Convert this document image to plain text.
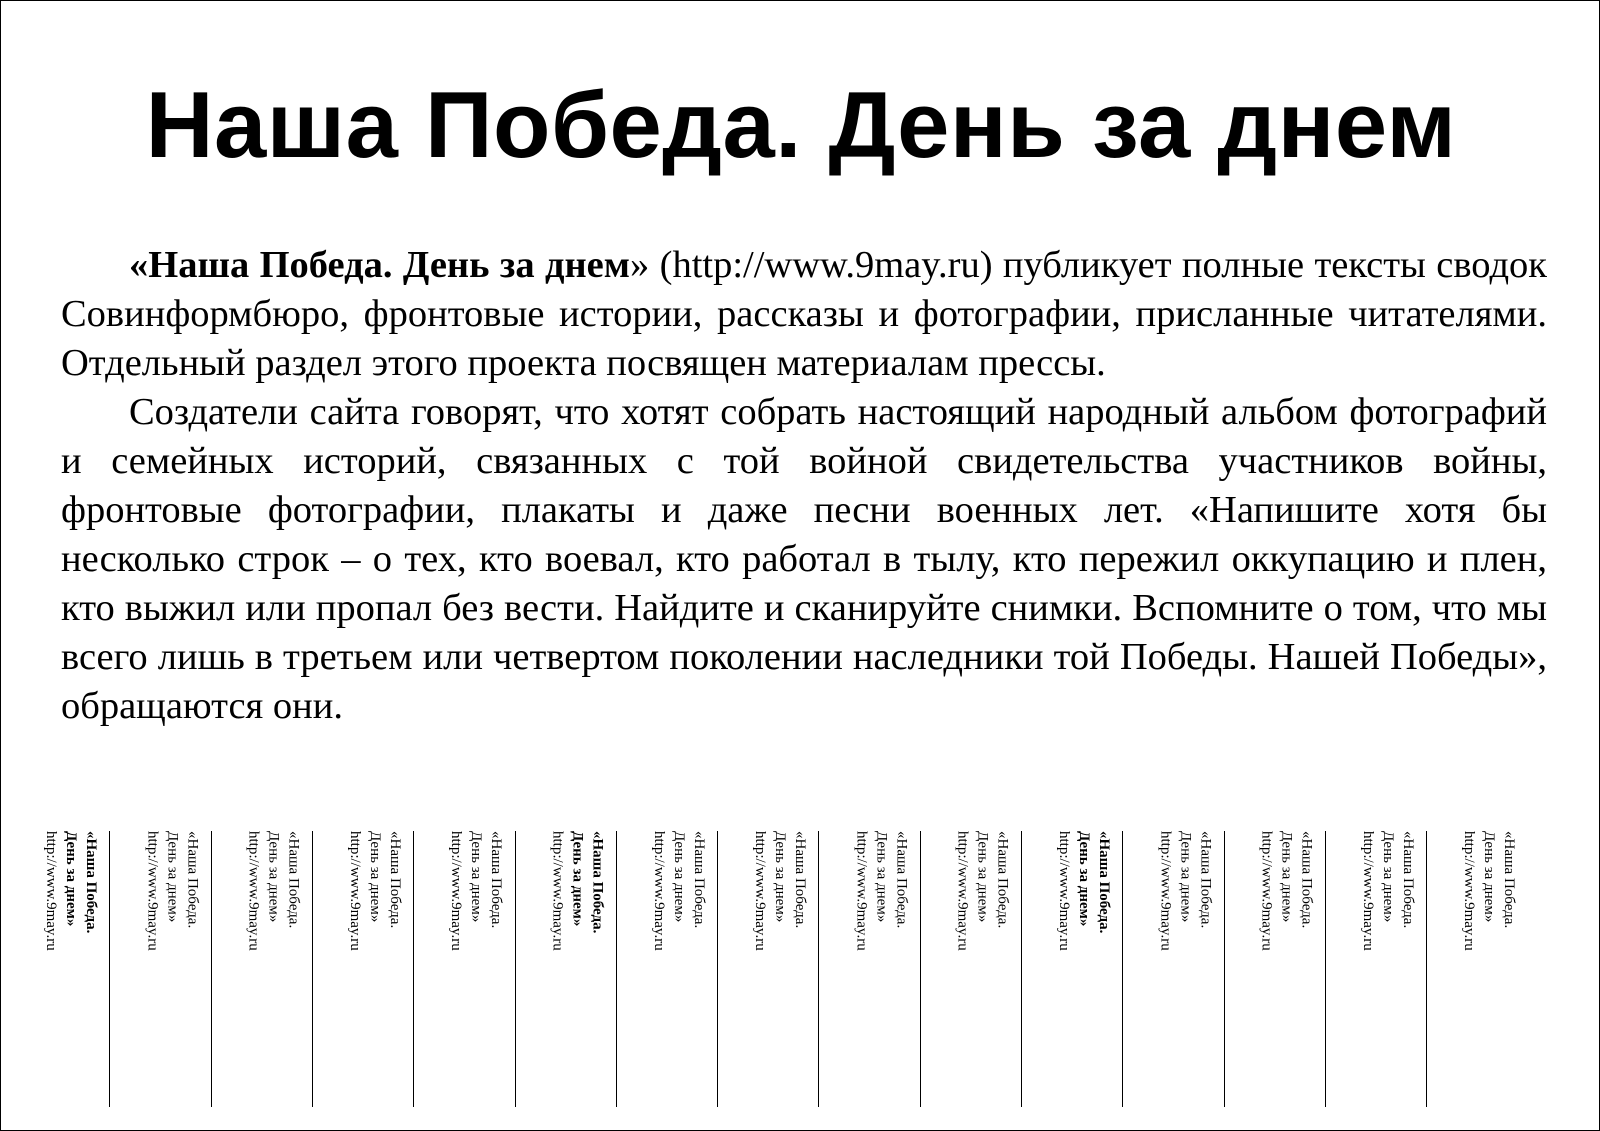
Наша Победа. День за днем

«Наша Победа. День за днем» (http://www.9may.ru) публикует полные тексты сводок Совинформбюро, фронтовые истории, рассказы и фотографии, присланные читателями. Отдельный раздел этого проекта посвящен материалам прессы.

Создатели сайта говорят, что хотят собрать настоящий народный альбом фотографий и семейных историй, связанных с той войной свидетельства участников войны, фронтовые фотографии, плакаты и даже песни военных лет. «Напишите хотя бы несколько строк – о тех, кто воевал, кто работал в тылу, кто пережил оккупацию и плен, кто выжил или пропал без вести. Найдите и сканируйте снимки. Вспомните о том, что мы всего лишь в третьем или четвертом поколении наследники той Победы. Нашей Победы», обращаются они.

«Наша Победа.
День за днем»
http://www.9may.ru	«Наша Победа.
День за днем»
http://www.9may.ru	«Наша Победа.
День за днем»
http://www.9may.ru	«Наша Победа.
День за днем»
http://www.9may.ru	«Наша Победа.
День за днем»
http://www.9may.ru	«Наша Победа.
День за днем»
http://www.9may.ru	«Наша Победа.
День за днем»
http://www.9may.ru	«Наша Победа.
День за днем»
http://www.9may.ru	«Наша Победа.
День за днем»
http://www.9may.ru	«Наша Победа.
День за днем»
http://www.9may.ru	«Наша Победа.
День за днем»
http://www.9may.ru	«Наша Победа.
День за днем»
http://www.9may.ru	«Наша Победа.
День за днем»
http://www.9may.ru	«Наша Победа.
День за днем»
http://www.9may.ru	«Наша Победа.
День за днем»
http://www.9may.ru
